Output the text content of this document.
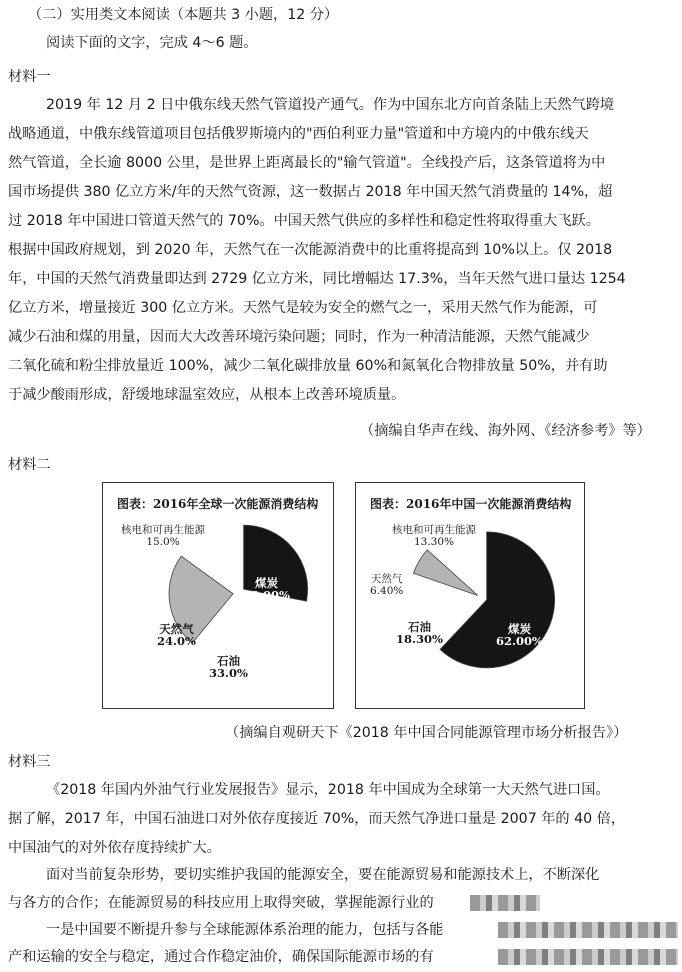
（二）实用类文本阅读（本题共 3 小题，12 分）
阅读下面的文字，完成 4～6 题。
材料一
2019 年 12 月 2 日中俄东线天然气管道投产通气。作为中国东北方向首条陆上天然气跨境
战略通道，中俄东线管道项目包括俄罗斯境内的"西伯利亚力量"管道和中方境内的中俄东线天
然气管道，全长逾 8000 公里，是世界上距离最长的"输气管道"。全线投产后，这条管道将为中
国市场提供 380 亿立方米/年的天然气资源，这一数据占 2018 年中国天然气消费量的 14%，超
过 2018 年中国进口管道天然气的 70%。中国天然气供应的多样性和稳定性将取得重大飞跃。
根据中国政府规划，到 2020 年，天然气在一次能源消费中的比重将提高到 10%以上。仅 2018
年，中国的天然气消费量即达到 2729 亿立方米，同比增幅达 17.3%，当年天然气进口量达 1254
亿立方米，增量接近 300 亿立方米。天然气是较为安全的燃气之一，采用天然气作为能源，可
减少石油和煤的用量，因而大大改善环境污染问题；同时，作为一种清洁能源，天然气能减少
二氧化硫和粉尘排放量近 100%，减少二氧化碳排放量 60%和氮氧化合物排放量 50%，并有助
于减少酸雨形成，舒缓地球温室效应，从根本上改善环境质量。
（摘编自华声在线、海外网、《经济参考》等）
材料二
图表：2016年全球一次能源消费结构
核电和可再生能源
15.0%
煤炭
28.00%
天然气
24.0%
石油
33.0%
图表：2016年中国一次能源消费结构
核电和可再生能源
13.30%
天然气
6.40%
石油
18.30%
煤炭
62.00%
（摘编自观研天下《2018 年中国合同能源管理市场分析报告》）
材料三
《2018 年国内外油气行业发展报告》显示，2018 年中国成为全球第一大天然气进口国。
据了解，2017 年，中国石油进口对外依存度接近 70%，而天然气净进口量是 2007 年的 40 倍，
中国油气的对外依存度持续扩大。
面对当前复杂形势，要切实维护我国的能源安全，要在能源贸易和能源技术上，不断深化
与各方的合作；在能源贸易的科技应用上取得突破，掌握能源行业的
一是中国要不断提升参与全球能源体系治理的能力，包括与各能
产和运输的安全与稳定，通过合作稳定油价，确保国际能源市场的有
